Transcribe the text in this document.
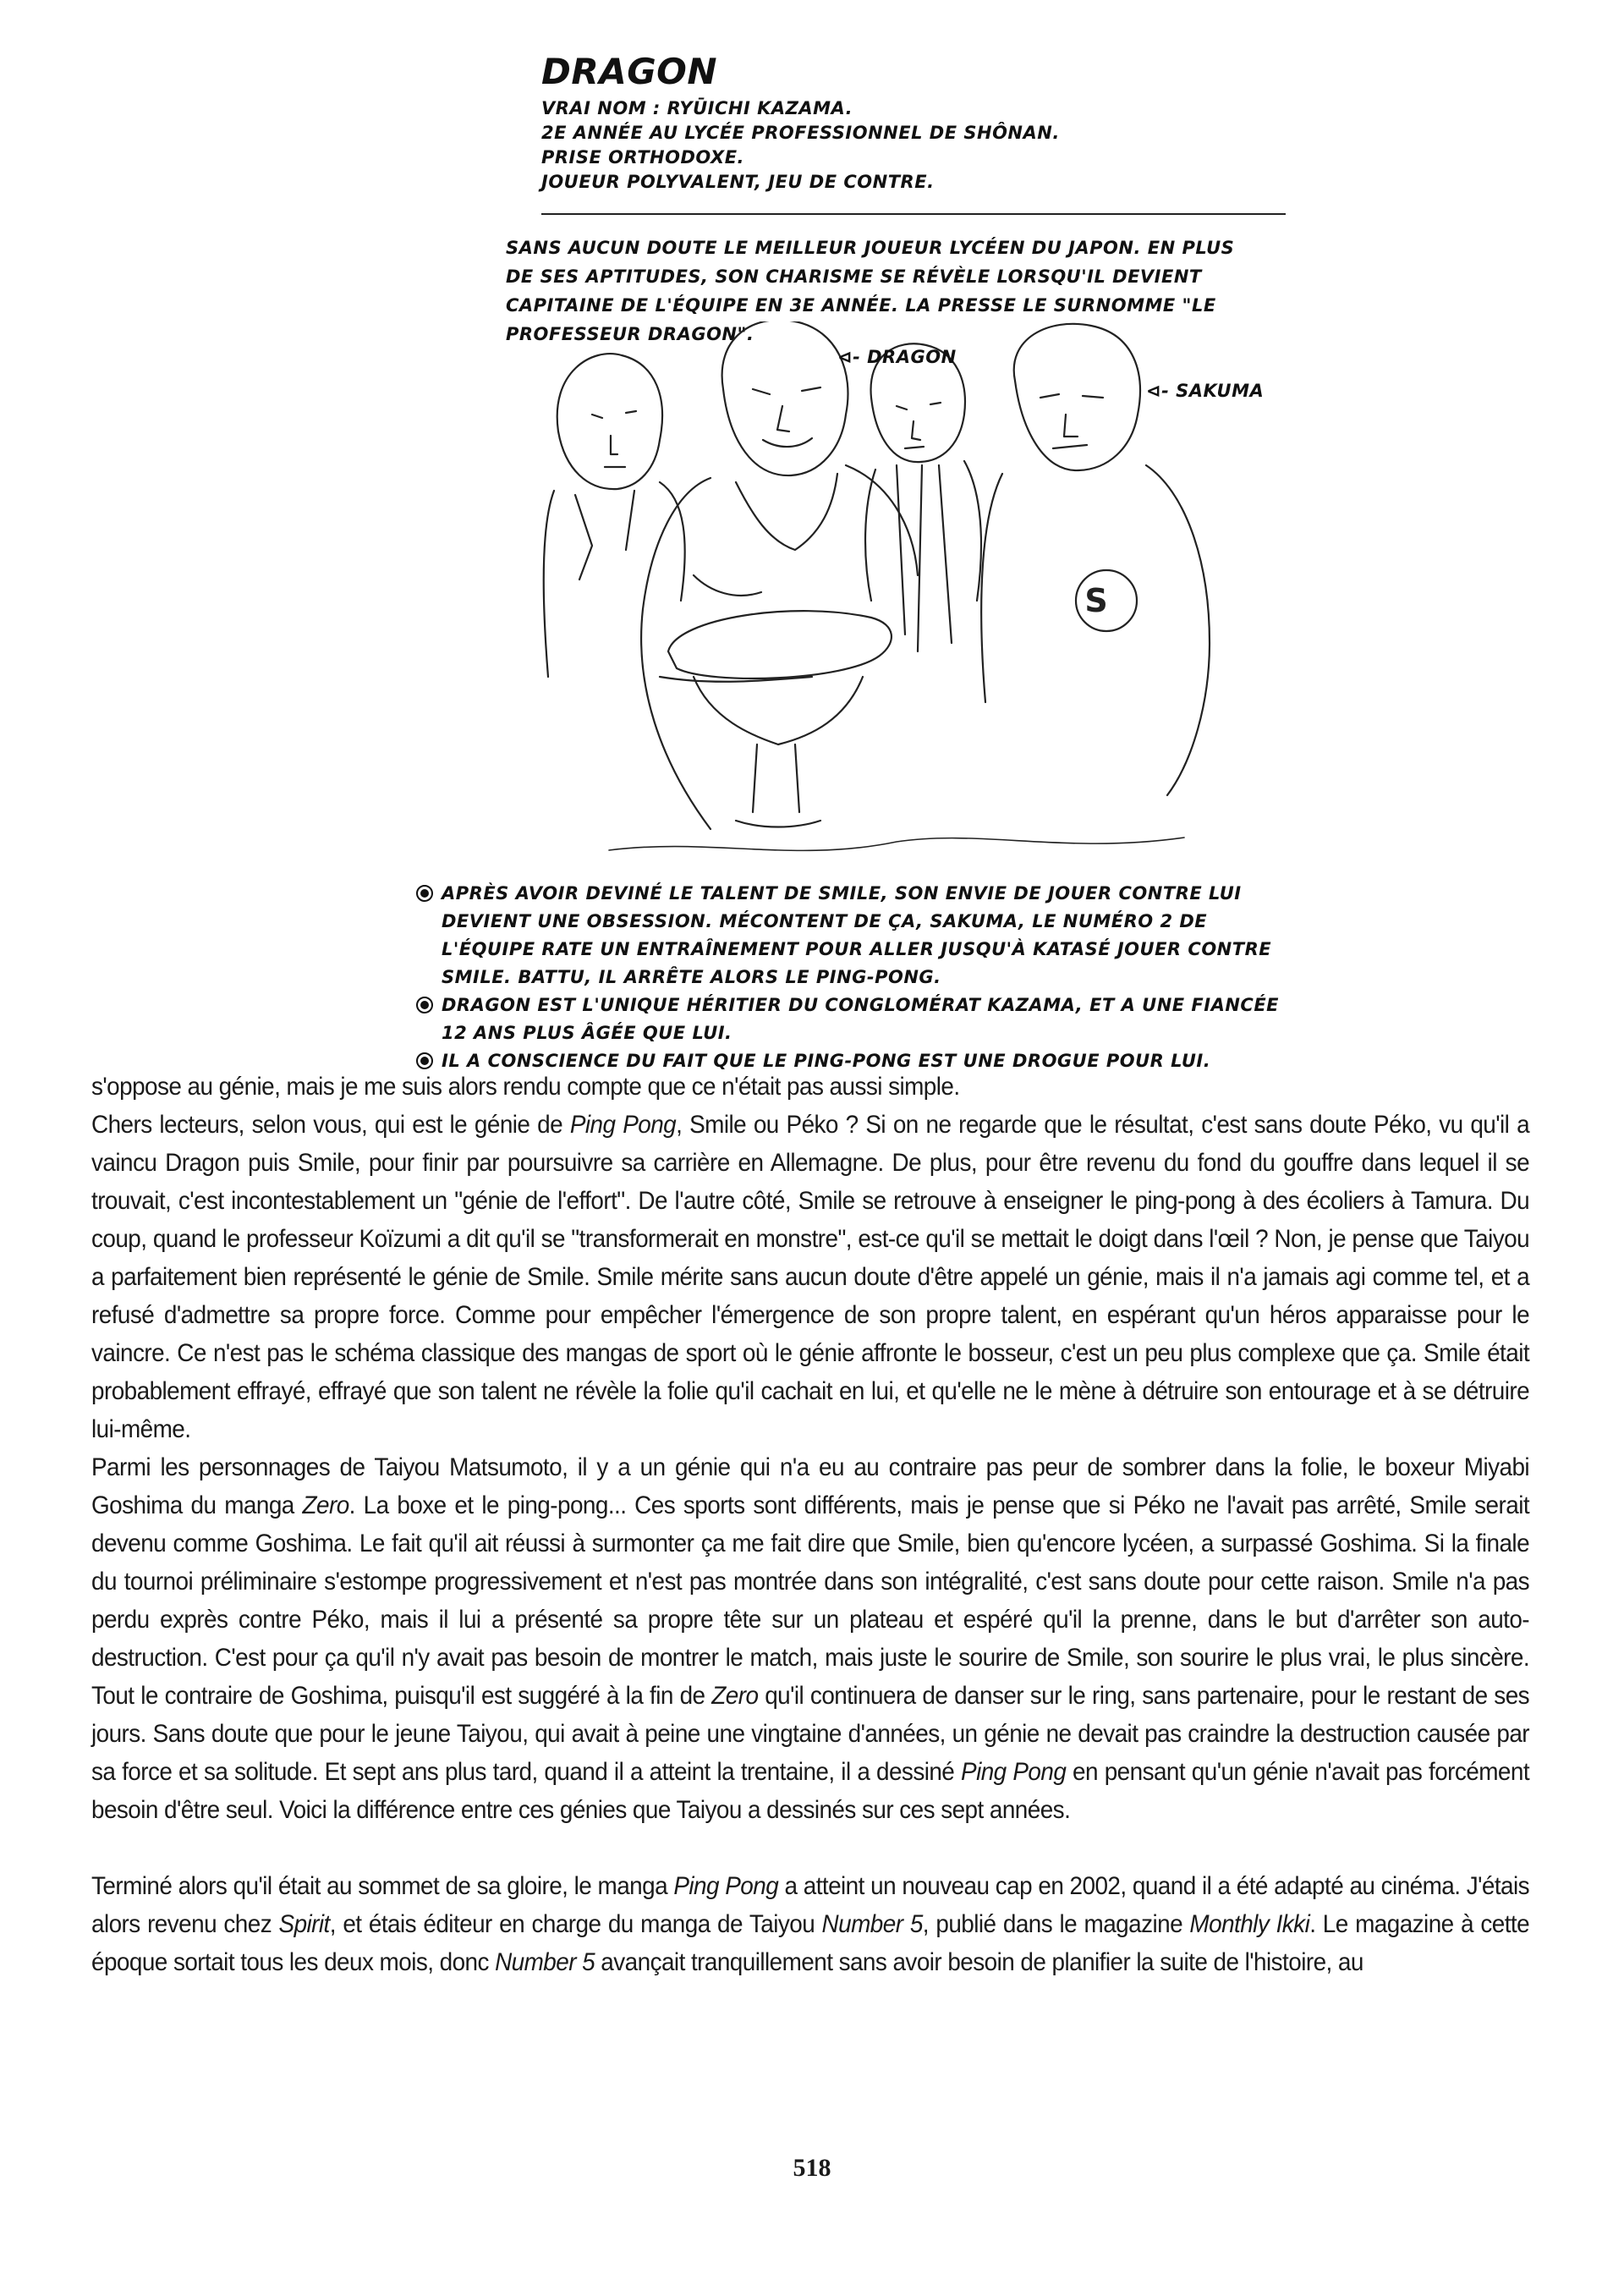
DRAGON
VRAI NOM : RYŪICHI KAZAMA.
2E ANNÉE AU LYCÉE PROFESSIONNEL DE SHÔNAN.
PRISE ORTHODOXE.
JOUEUR POLYVALENT, JEU DE CONTRE.

SANS AUCUN DOUTE LE MEILLEUR JOUEUR LYCÉEN DU JAPON. EN PLUS DE SES APTITUDES, SON CHARISME SE RÉVÈLE LORSQU'IL DEVIENT CAPITAINE DE L'ÉQUIPE EN 3E ANNÉE. LA PRESSE LE SURNOMME "LE PROFESSEUR DRAGON".

S
⊲- DRAGON
⊲- SAKUMA
APRÈS AVOIR DEVINÉ LE TALENT DE SMILE, SON ENVIE DE JOUER CONTRE LUI DEVIENT UNE OBSESSION. MÉCONTENT DE ÇA, SAKUMA, LE NUMÉRO 2 DE L'ÉQUIPE RATE UN ENTRAÎNEMENT POUR ALLER JUSQU'À KATASÉ JOUER CONTRE SMILE. BATTU, IL ARRÊTE ALORS LE PING-PONG.
DRAGON EST L'UNIQUE HÉRITIER DU CONGLOMÉRAT KAZAMA, ET A UNE FIANCÉE 12 ANS PLUS ÂGÉE QUE LUI.
IL A CONSCIENCE DU FAIT QUE LE PING-PONG EST UNE DROGUE POUR LUI.

s'oppose au génie, mais je me suis alors rendu compte que ce n'était pas aussi simple.

Chers lecteurs, selon vous, qui est le génie de Ping Pong, Smile ou Péko ? Si on ne regarde que le résultat, c'est sans doute Péko, vu qu'il a vaincu Dragon puis Smile, pour finir par poursuivre sa carrière en Allemagne. De plus, pour être revenu du fond du gouffre dans lequel il se trouvait, c'est incontestablement un "génie de l'effort". De l'autre côté, Smile se retrouve à enseigner le ping-pong à des écoliers à Tamura. Du coup, quand le professeur Koïzumi a dit qu'il se "transformerait en monstre", est-ce qu'il se mettait le doigt dans l'œil ? Non, je pense que Taiyou a parfaitement bien représenté le génie de Smile. Smile mérite sans aucun doute d'être appelé un génie, mais il n'a jamais agi comme tel, et a refusé d'admettre sa propre force. Comme pour empêcher l'émergence de son propre talent, en espérant qu'un héros apparaisse pour le vaincre. Ce n'est pas le schéma classique des mangas de sport où le génie affronte le bosseur, c'est un peu plus complexe que ça. Smile était probablement effrayé, effrayé que son talent ne révèle la folie qu'il cachait en lui, et qu'elle ne le mène à détruire son entourage et à se détruire lui-même.

Parmi les personnages de Taiyou Matsumoto, il y a un génie qui n'a eu au contraire pas peur de sombrer dans la folie, le boxeur Miyabi Goshima du manga Zero. La boxe et le ping-pong... Ces sports sont différents, mais je pense que si Péko ne l'avait pas arrêté, Smile serait devenu comme Goshima. Le fait qu'il ait réussi à surmonter ça me fait dire que Smile, bien qu'encore lycéen, a surpassé Goshima. Si la finale du tournoi préliminaire s'estompe progressivement et n'est pas montrée dans son intégralité, c'est sans doute pour cette raison. Smile n'a pas perdu exprès contre Péko, mais il lui a présenté sa propre tête sur un plateau et espéré qu'il la prenne, dans le but d'arrêter son auto-destruction. C'est pour ça qu'il n'y avait pas besoin de montrer le match, mais juste le sourire de Smile, son sourire le plus vrai, le plus sincère. Tout le contraire de Goshima, puisqu'il est suggéré à la fin de Zero qu'il continuera de danser sur le ring, sans partenaire, pour le restant de ses jours. Sans doute que pour le jeune Taiyou, qui avait à peine une vingtaine d'années, un génie ne devait pas craindre la destruction causée par sa force et sa solitude. Et sept ans plus tard, quand il a atteint la trentaine, il a dessiné Ping Pong en pensant qu'un génie n'avait pas forcément besoin d'être seul. Voici la différence entre ces génies que Taiyou a dessinés sur ces sept années.

Terminé alors qu'il était au sommet de sa gloire, le manga Ping Pong a atteint un nouveau cap en 2002, quand il a été adapté au cinéma. J'étais alors revenu chez Spirit, et étais éditeur en charge du manga de Taiyou Number 5, publié dans le magazine Monthly Ikki. Le magazine à cette époque sortait tous les deux mois, donc Number 5 avançait tranquillement sans avoir besoin de planifier la suite de l'histoire, au

518
